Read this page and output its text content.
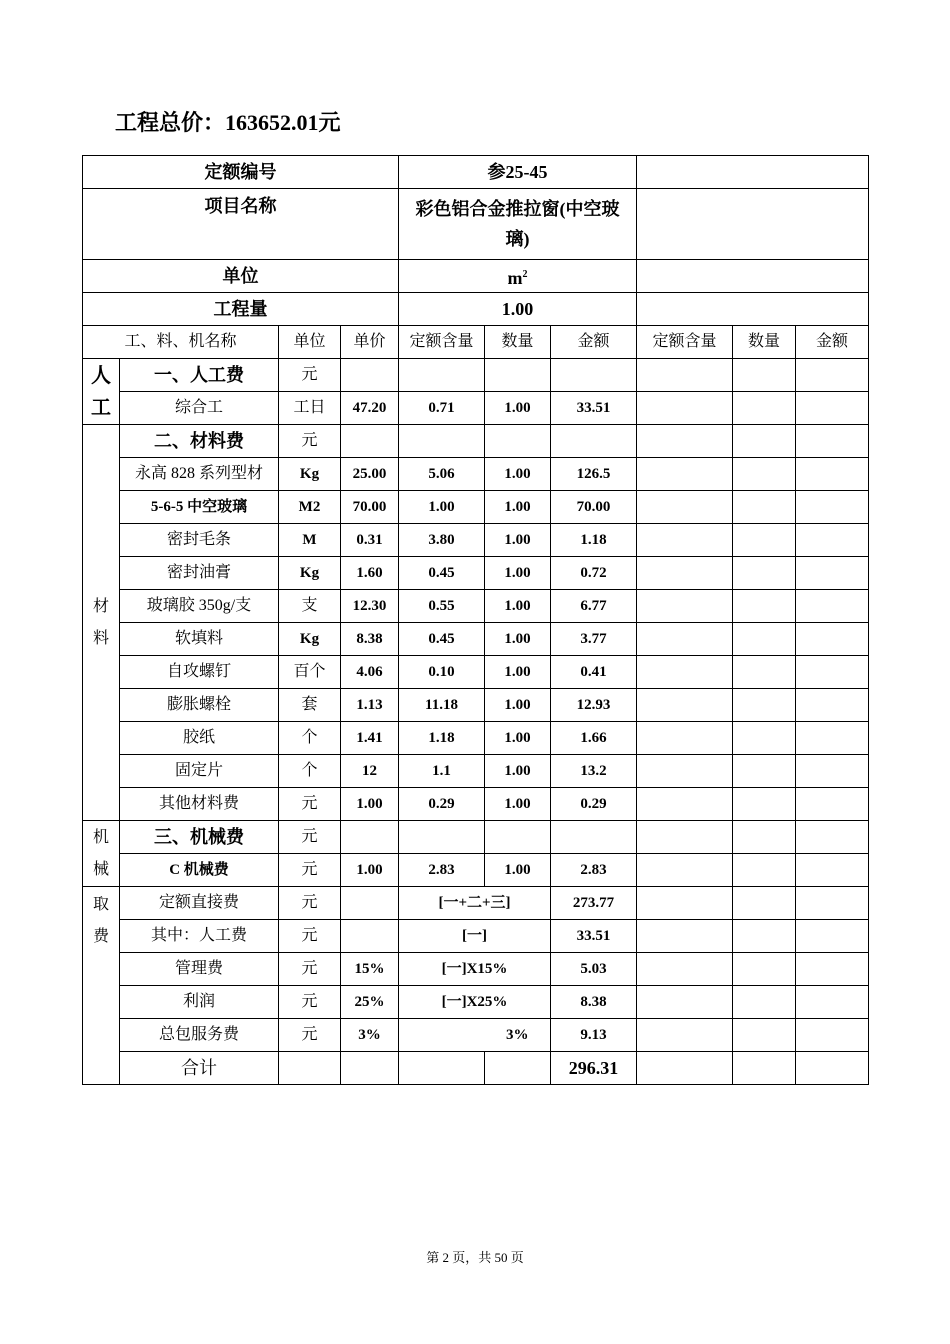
工程总价：163652.01元
定额编号				参25-45					
项目名称				彩色铝合金推拉窗(中空玻璃)					
单位				$m^2$	
工程量				1.00					
工、料、机名称		单位	单价	定额含量	数量	金额	定额含量	数量	金额
人
工	一、人工费	元							
	综合工	工日	47.20	0.71	1.00	33.51			
材
料	二、材料费	元							
	永高 828 系列型材	Kg	25.00	5.06	1.00	126.5			
	5-6-5 中空玻璃	M2	70.00	1.00	1.00	70.00			
	密封毛条	M	0.31	3.80	1.00	1.18			
	密封油膏	Kg	1.60	0.45	1.00	0.72			
	玻璃胶 350g/支	支	12.30	0.55	1.00	6.77			
	软填料	Kg	8.38	0.45	1.00	3.77			
	自攻螺钉	百个	4.06	0.10	1.00	0.41			
	膨胀螺栓	套	1.13	11.18	1.00	12.93			
	胶纸	个	1.41	1.18	1.00	1.66			
	固定片	个	12	1.1	1.00	13.2			
	其他材料费	元	1.00	0.29	1.00	0.29			
机
械	三、机械费	元							
	C 机械费	元	1.00	2.83	1.00	2.83			
取
费	定额直接费	元		[一+二+三]		273.77			
	其中：人工费	元		[一]		33.51			
	管理费	元	15%	[一]X15%		5.03			
	利润	元	25%	[一]X25%		8.38			
	总包服务费	元	3%		3%	9.13			
	合计					296.31			
第 2 页，共 50 页
